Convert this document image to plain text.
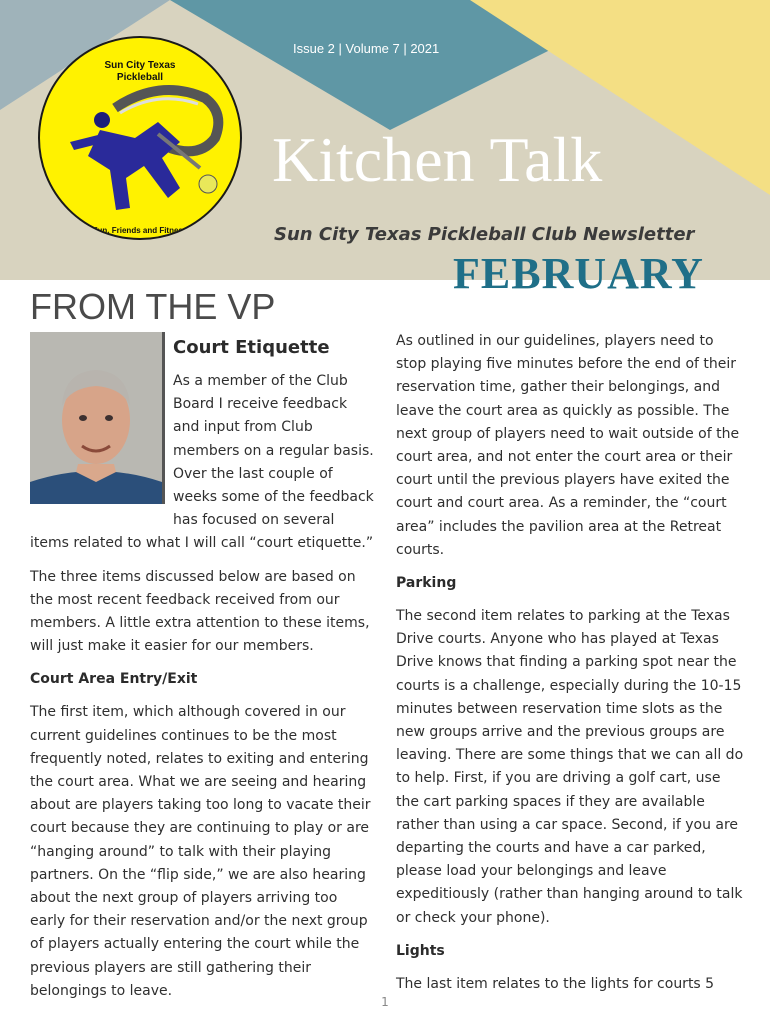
Sun City Texas
Pickleball
Fun, Friends and Fitness
Issue 2 | Volume 7 | 2021
Kitchen Talk
Sun City Texas Pickleball Club Newsletter
FEBRUARY
FROM THE VP

Court Etiquette

As a member of the Club Board I receive feedback and input from Club members on a regular basis. Over the last couple of weeks some of the feedback has focused on several items related to what I will call “court etiquette.”

The three items discussed below are based on the most recent feedback received from our members. A little extra attention to these items, will just make it easier for our members.

Court Area Entry/Exit

The first item, which although covered in our current guidelines continues to be the most frequently noted, relates to exiting and entering the court area. What we are seeing and hearing about are players taking too long to vacate their court because they are continuing to play or are “hanging around” to talk with their playing partners. On the “flip side,” we are also hearing about the next group of players arriving too early for their reservation and/or the next group of players actually entering the court while the previous players are still gathering their belongings to leave.

As outlined in our guidelines, players need to stop playing five minutes before the end of their reservation time, gather their belongings, and leave the court area as quickly as possible. The next group of players need to wait outside of the court area, and not enter the court area or their court until the previous players have exited the court and court area. As a reminder, the “court area” includes the pavilion area at the Retreat courts.

Parking

The second item relates to parking at the Texas Drive courts. Anyone who has played at Texas Drive knows that finding a parking spot near the courts is a challenge, especially during the 10-15 minutes between reservation time slots as the new groups arrive and the previous groups are leaving. There are some things that we can all do to help. First, if you are driving a golf cart, use the cart parking spaces if they are available rather than using a car space. Second, if you are departing the courts and have a car parked, please load your belongings and leave expeditiously (rather than hanging around to talk or check your phone).

Lights

The last item relates to the lights for courts 5

1
